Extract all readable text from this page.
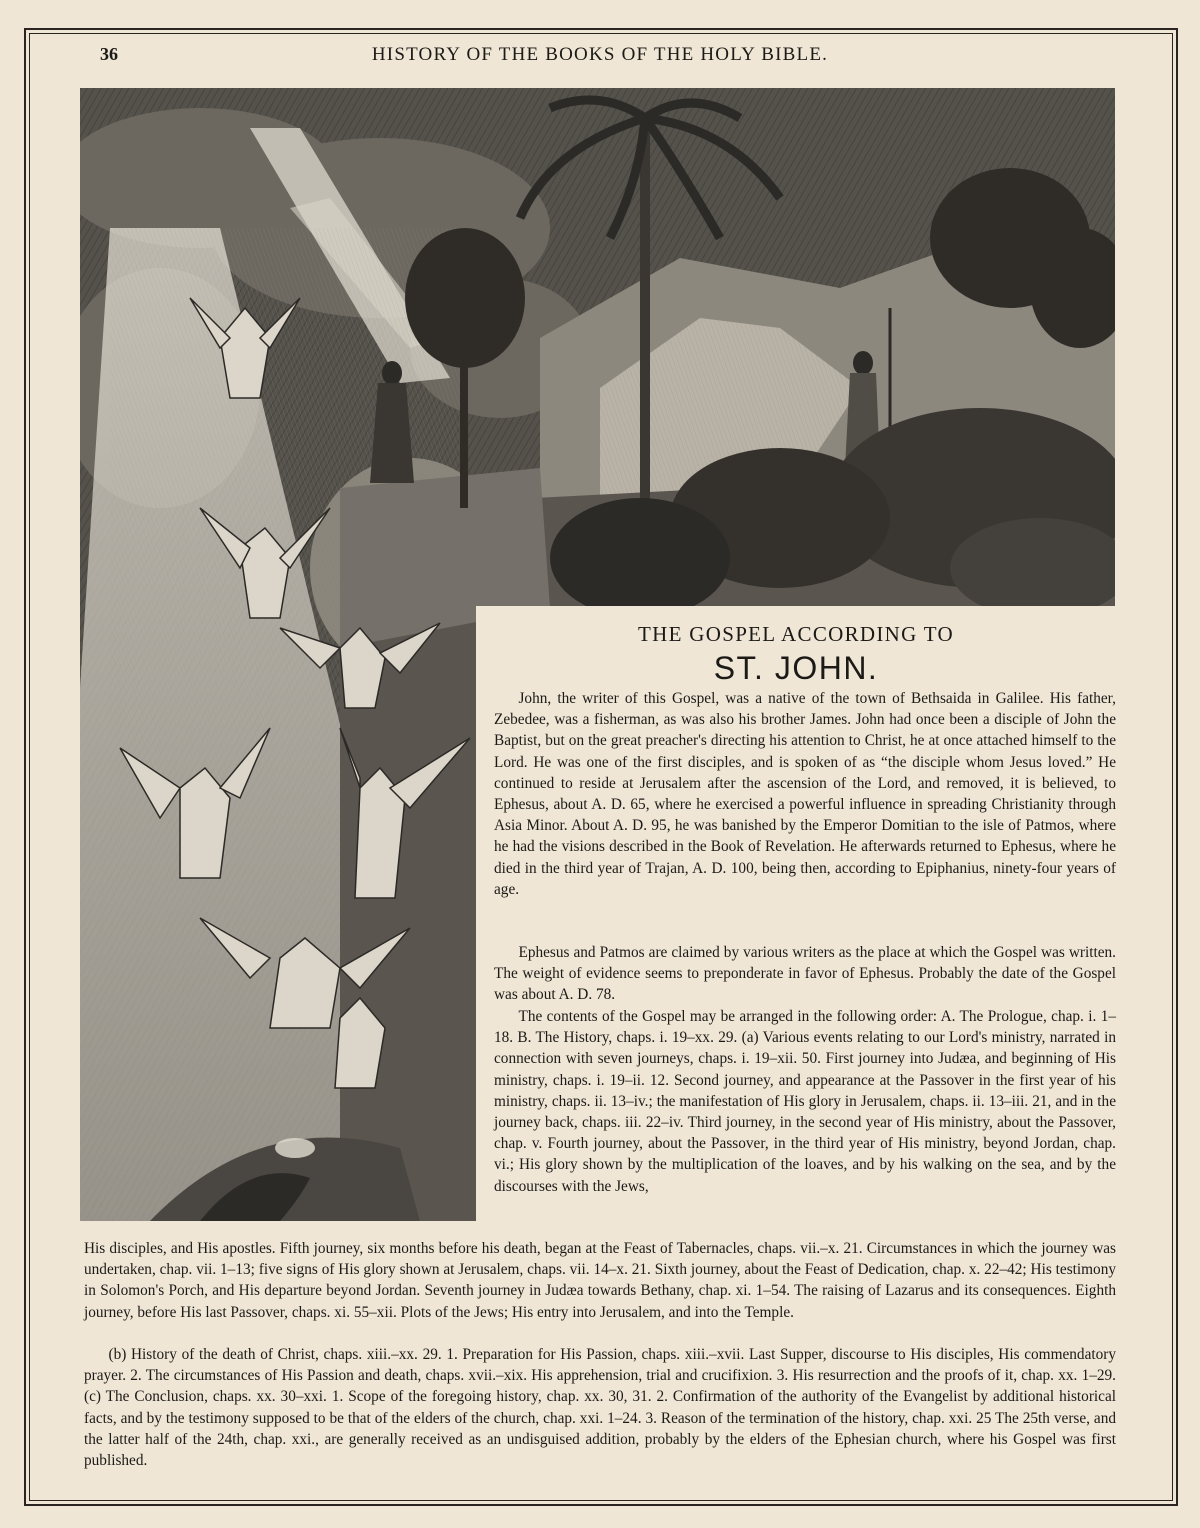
36	HISTORY OF THE BOOKS OF THE HOLY BIBLE.
THE GOSPEL ACCORDING TO
ST. JOHN.

John, the writer of this Gospel, was a native of the town of Bethsaida in Galilee. His father, Zebedee, was a fisherman, as was also his brother James. John had once been a disciple of John the Baptist, but on the great preacher's directing his attention to Christ, he at once attached himself to the Lord. He was one of the first disciples, and is spoken of as “the disciple whom Jesus loved.” He continued to reside at Jerusalem after the ascension of the Lord, and removed, it is believed, to Ephesus, about A. D. 65, where he exercised a powerful influence in spreading Christianity through Asia Minor. About A. D. 95, he was banished by the Emperor Domitian to the isle of Patmos, where he had the visions described in the Book of Revelation. He afterwards returned to Ephesus, where he died in the third year of Trajan, A. D. 100, being then, according to Epiphanius, ninety-four years of age.

Ephesus and Patmos are claimed by various writers as the place at which the Gospel was written. The weight of evidence seems to preponderate in favor of Ephesus. Probably the date of the Gospel was about A. D. 78.

The contents of the Gospel may be arranged in the following order: A. The Prologue, chap. i. 1–18. B. The History, chaps. i. 19–xx. 29. (a) Various events relating to our Lord's ministry, narrated in connection with seven journeys, chaps. i. 19–xii. 50. First journey into Judæa, and beginning of His ministry, chaps. i. 19–ii. 12. Second journey, and appearance at the Passover in the first year of his ministry, chaps. ii. 13–iv.; the manifestation of His glory in Jerusalem, chaps. ii. 13–iii. 21, and in the journey back, chaps. iii. 22–iv. Third journey, in the second year of His ministry, about the Passover, chap. v. Fourth journey, about the Passover, in the third year of His ministry, beyond Jordan, chap. vi.; His glory shown by the multiplication of the loaves, and by his walking on the sea, and by the discourses with the Jews,

His disciples, and His apostles. Fifth journey, six months before his death, began at the Feast of Tabernacles, chaps. vii.–x. 21. Circumstances in which the journey was undertaken, chap. vii. 1–13; five signs of His glory shown at Jerusalem, chaps. vii. 14–x. 21. Sixth journey, about the Feast of Dedication, chap. x. 22–42; His testimony in Solomon's Porch, and His departure beyond Jordan. Seventh journey in Judæa towards Bethany, chap. xi. 1–54. The raising of Lazarus and its consequences. Eighth journey, before His last Passover, chaps. xi. 55–xii. Plots of the Jews; His entry into Jerusalem, and into the Temple.

(b) History of the death of Christ, chaps. xiii.–xx. 29. 1. Preparation for His Passion, chaps. xiii.–xvii. Last Supper, discourse to His disciples, His commendatory prayer. 2. The circumstances of His Passion and death, chaps. xvii.–xix. His apprehension, trial and crucifixion. 3. His resurrection and the proofs of it, chap. xx. 1–29. (c) The Conclusion, chaps. xx. 30–xxi. 1. Scope of the foregoing history, chap. xx. 30, 31. 2. Confirmation of the authority of the Evangelist by additional historical facts, and by the testimony supposed to be that of the elders of the church, chap. xxi. 1–24. 3. Reason of the termination of the history, chap. xxi. 25 The 25th verse, and the latter half of the 24th, chap. xxi., are generally received as an undisguised addition, probably by the elders of the Ephesian church, where his Gospel was first published.
